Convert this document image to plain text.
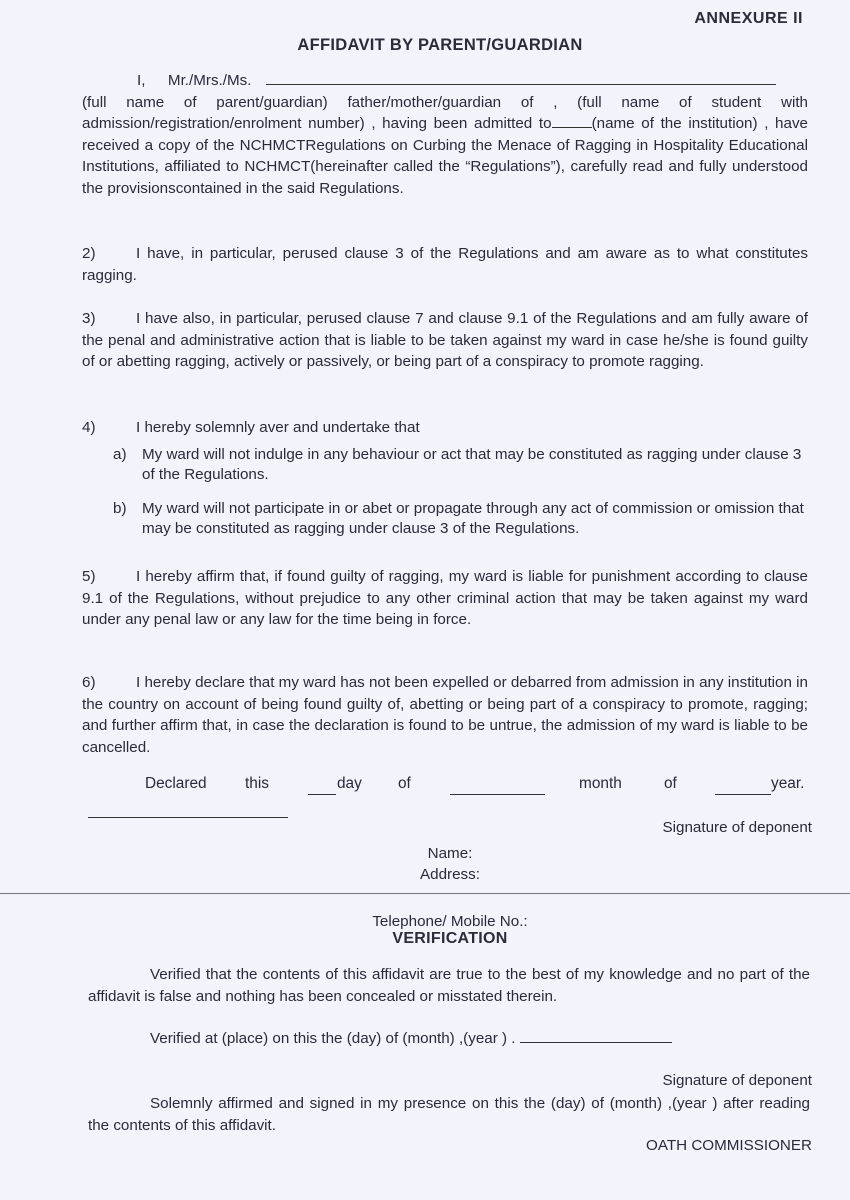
ANNEXURE II
AFFIDAVIT BY PARENT/GUARDIAN
I, Mr./Mrs./Ms.
(full name of parent/guardian) father/mother/guardian of , (full name of student with admission/registration/enrolment number) , having been admitted to	(name of the institution) , have received a copy of the NCHMCTRegulations on Curbing the Menace of Ragging in Hospitality Educational Institutions, affiliated to NCHMCT(hereinafter called the “Regulations”), carefully read and fully understood the provisionscontained in the said Regulations.
2)	I have, in particular, perused clause 3 of the Regulations and am aware as to what constitutes ragging.
3)	I have also, in particular, perused clause 7 and clause 9.1 of the Regulations and am fully aware of the penal and administrative action that is liable to be taken against my ward in case he/she is found guilty of or abetting ragging, actively or passively, or being part of a conspiracy to promote ragging.
4)	I hereby solemnly aver and undertake that
a) My ward will not indulge in any behaviour or act that may be constituted as ragging under clause 3 of the Regulations.
b) My ward will not participate in or abet or propagate through any act of commission or omission that may be constituted as ragging under clause 3 of the Regulations.
5)	I hereby affirm that, if found guilty of ragging, my ward is liable for punishment according to clause 9.1 of the Regulations, without prejudice to any other criminal action that may be taken against my ward under any penal law or any law for the time being in force.
6)	I hereby declare that my ward has not been expelled or debarred from admission in any institution in the country on account of being found guilty of, abetting or being part of a conspiracy to promote, ragging; and further affirm that, in case the declaration is found to be untrue, the admission of my ward is liable to be cancelled.
Declared this	day of	month	of	year.
Signature of deponent
Name:
Address:
Telephone/ Mobile No.:
VERIFICATION
Verified that the contents of this affidavit are true to the best of my knowledge and no part of the affidavit is false and nothing has been concealed or misstated therein.
Verified at (place) on this the (day) of (month) ,(year ) .
Signature of deponent
Solemnly affirmed and signed in my presence on this the (day) of (month) ,(year ) after reading the contents of this affidavit.
OATH COMMISSIONER
